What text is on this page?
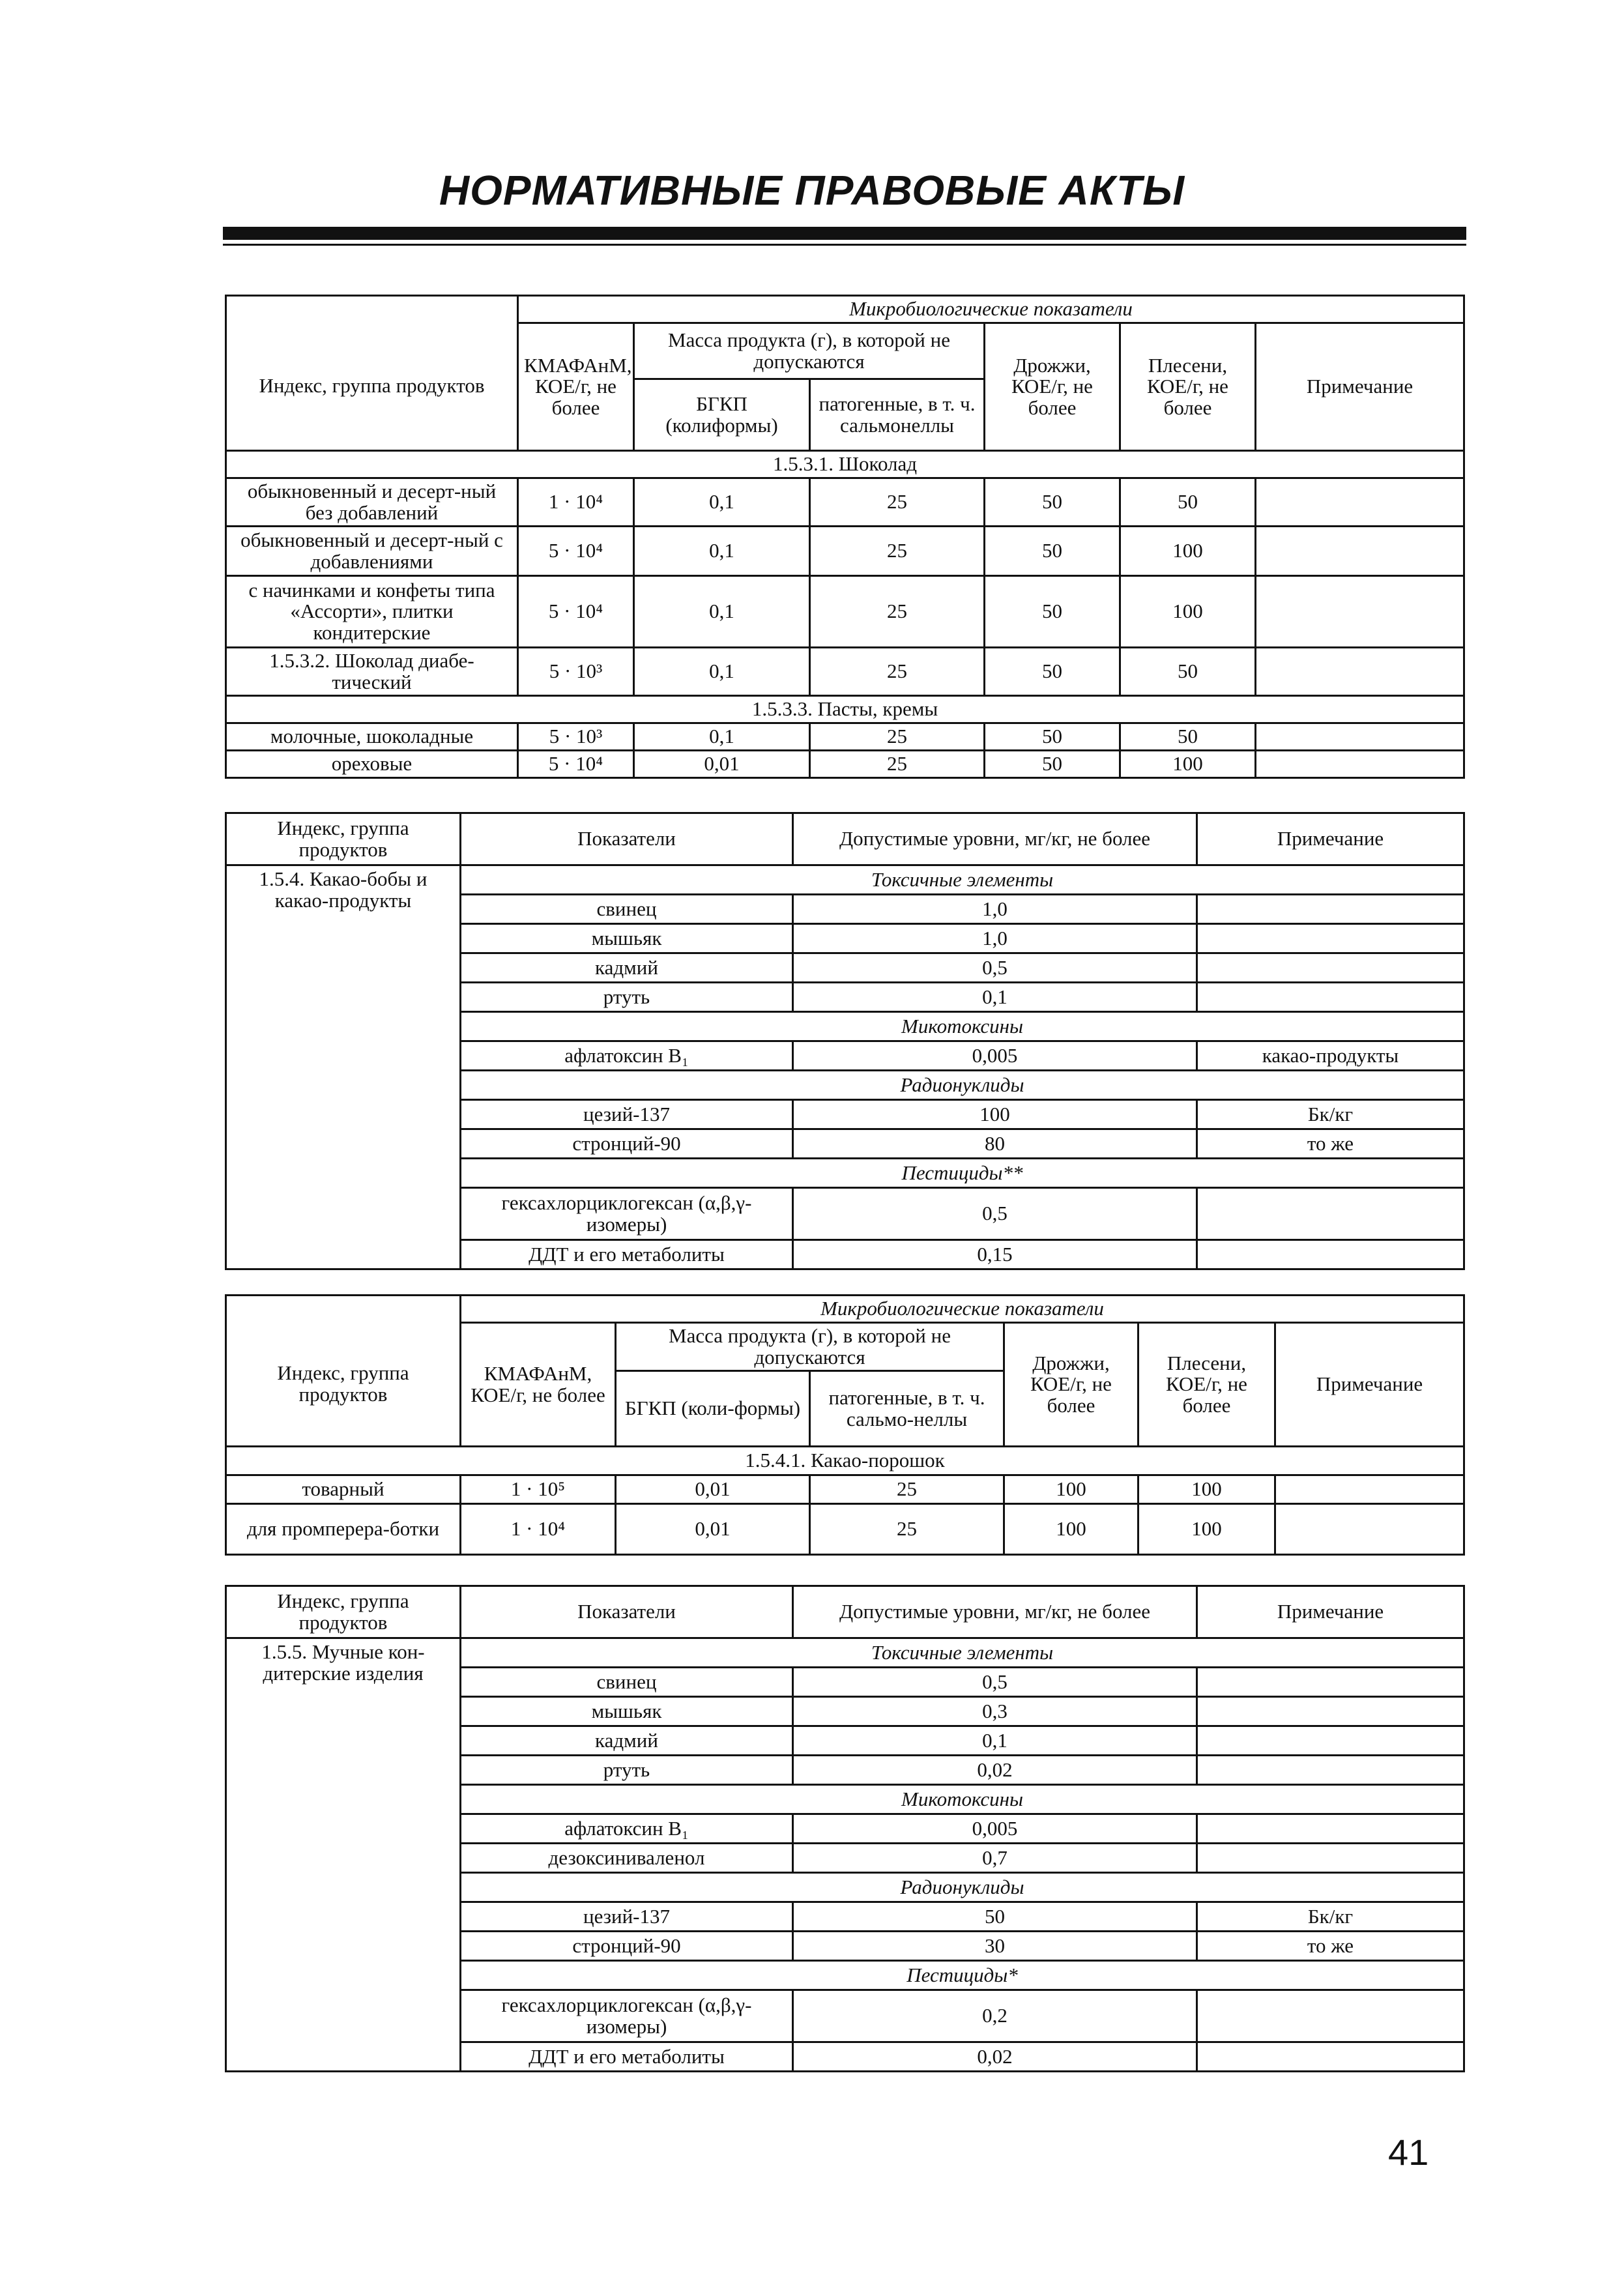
НОРМАТИВНЫЕ ПРАВОВЫЕ АКТЫ
	Микробиологические показатели					
Индекс, группа продуктов	КМАФАнМ, КОЕ/г, не более	Масса продукта (г), в которой не допускаются		Дрожжи, КОЕ/г, не более	Плесени, КОЕ/г, не более	Примечание
		БГКП (колиформы)	патогенные, в т. ч. сальмонеллы			
1.5.3.1. Шоколад						
обыкновенный и десерт-ный без добавлений	1 · 10⁴	0,1	25	50	50	
обыкновенный и десерт-ный с добавлениями	5 · 10⁴	0,1	25	50	100	
с начинками и конфеты типа «Ассорти», плитки кондитерские	5 · 10⁴	0,1	25	50	100	
1.5.3.2. Шоколад диабе-тический	5 · 10³	0,1	25	50	50	
1.5.3.3. Пасты, кремы						
молочные, шоколадные	5 · 10³	0,1	25	50	50	
ореховые	5 · 10⁴	0,01	25	50	100	
Индекс, группа продуктов	Показатели	Допустимые уровни, мг/кг, не более	Примечание
1.5.4. Какао-бобы и какао-продукты	Токсичные элементы		
	свинец	1,0	
	мышьяк	1,0	
	кадмий	0,5	
	ртуть	0,1	
	Микотоксины		
	афлатоксин B₁	0,005	какао-продукты
	Радионуклиды		
	цезий-137	100	Бк/кг
	стронций-90	80	то же
	Пестициды**		
	гексахлорциклогексан (α,β,γ-изомеры)	0,5	
	ДДТ и его метаболиты	0,15	
	Микробиологические показатели					
Индекс, группа продуктов	КМАФАнМ, КОЕ/г, не более	Масса продукта (г), в которой не допускаются		Дрожжи, КОЕ/г, не более	Плесени, КОЕ/г, не более	Примечание
		БГКП (коли-формы)	патогенные, в т. ч. сальмо-неллы			
1.5.4.1. Какао-порошок						
товарный	1 · 10⁵	0,01	25	100	100	
для промперера-ботки	1 · 10⁴	0,01	25	100	100	
Индекс, группа продуктов	Показатели	Допустимые уровни, мг/кг, не более	Примечание
1.5.5. Мучные кон-дитерские изделия	Токсичные элементы		
	свинец	0,5	
	мышьяк	0,3	
	кадмий	0,1	
	ртуть	0,02	
	Микотоксины		
	афлатоксин B₁	0,005	
	дезоксиниваленол	0,7	
	Радионуклиды		
	цезий-137	50	Бк/кг
	стронций-90	30	то же
	Пестициды*		
	гексахлорциклогексан (α,β,γ-изомеры)	0,2	
	ДДТ и его метаболиты	0,02	
41
